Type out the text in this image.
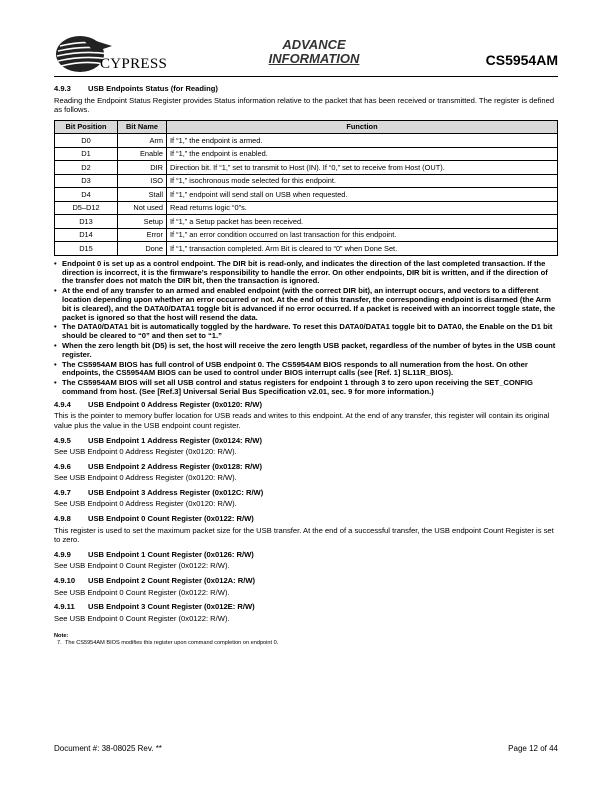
CYPRESS
ADVANCE
INFORMATION	CS5954AM

4.9.3 USB Endpoints Status (for Reading)

Reading the Endpoint Status Register provides Status information relative to the packet that has been received or transmitted. The register is defined as follows.

Bit Position	Bit Name	Function
D0	Arm	If “1,” the endpoint is armed.
D1	Enable	If “1,” the endpoint is enabled.
D2	DIR	Direction bit. If “1,” set to transmit to Host (IN). If “0,” set to receive from Host (OUT).
D3	ISO	If “1,” isochronous mode selected for this endpoint.
D4	Stall	If “1,” endpoint will send stall on USB when requested.
D5–D12	Not used	Read returns logic “0”s.
D13	Setup	If “1,” a Setup packet has been received.
D14	Error	If “1,” an error condition occurred on last transaction for this endpoint.
D15	Done	If “1,” transaction completed. Arm Bit is cleared to “0” when Done Set.
• Endpoint 0 is set up as a control endpoint. The DIR bit is read-only, and indicates the direction of the last completed transaction. If the direction is incorrect, it is the firmware’s responsibility to handle the error. On other endpoints, DIR bit is written, and if the direction of the transfer does not match the DIR bit, then the transaction is ignored.
• At the end of any transfer to an armed and enabled endpoint (with the correct DIR bit), an interrupt occurs, and vectors to a different location depending upon whether an error occurred or not. At the end of this transfer, the corresponding endpoint is disarmed (the Arm bit is cleared), and the DATA0/DATA1 toggle bit is advanced if no error occurred. If a packet is received with an incorrect toggle state, the packet is ignored so that the host will resend the data.
• The DATA0/DATA1 bit is automatically toggled by the hardware. To reset this DATA0/DATA1 toggle bit to DATA0, the Enable on the D1 bit should be cleared to “0” and then set to “1.”
• When the zero length bit (D5) is set, the host will receive the zero length USB packet, regardless of the number of bytes in the USB count register.
• The CS5954AM BIOS has full control of USB endpoint 0. The CS5954AM BIOS responds to all numeration from the host. On other endpoints, the CS5954AM BIOS can be used to control under BIOS interrupt calls (see [Ref. 1] SL11R_BIOS).
• The CS5954AM BIOS will set all USB control and status registers for endpoint 1 through 3 to zero upon receiving the SET_CONFIG command from host. (See [Ref.3] Universal Serial Bus Specification v2.01, sec. 9 for more information.)

4.9.4 USB Endpoint 0 Address Register (0x0120: R/W)

This is the pointer to memory buffer location for USB reads and writes to this endpoint. At the end of any transfer, this register will contain its original value plus the value in the USB endpoint count register.

4.9.5 USB Endpoint 1 Address Register (0x0124: R/W)

See USB Endpoint 0 Address Register (0x0120: R/W).

4.9.6 USB Endpoint 2 Address Register (0x0128: R/W)

See USB Endpoint 0 Address Register (0x0120: R/W).

4.9.7 USB Endpoint 3 Address Register (0x012C: R/W)

See USB Endpoint 0 Address Register (0x0120: R/W).

4.9.8 USB Endpoint 0 Count Register (0x0122: R/W)

This register is used to set the maximum packet size for the USB transfer. At the end of a successful transfer, the USB endpoint Count Register is set to zero.

4.9.9 USB Endpoint 1 Count Register (0x0126: R/W)

See USB Endpoint 0 Count Register (0x0122: R/W).

4.9.10 USB Endpoint 2 Count Register (0x012A: R/W)

See USB Endpoint 0 Count Register (0x0122: R/W).

4.9.11 USB Endpoint 3 Count Register (0x012E: R/W)

See USB Endpoint 0 Count Register (0x0122: R/W).

Note:
7. The CS5954AM BIOS modifies this register upon command completion on endpoint 0.
Document #: 38-08025 Rev. **	Page 12 of 44
